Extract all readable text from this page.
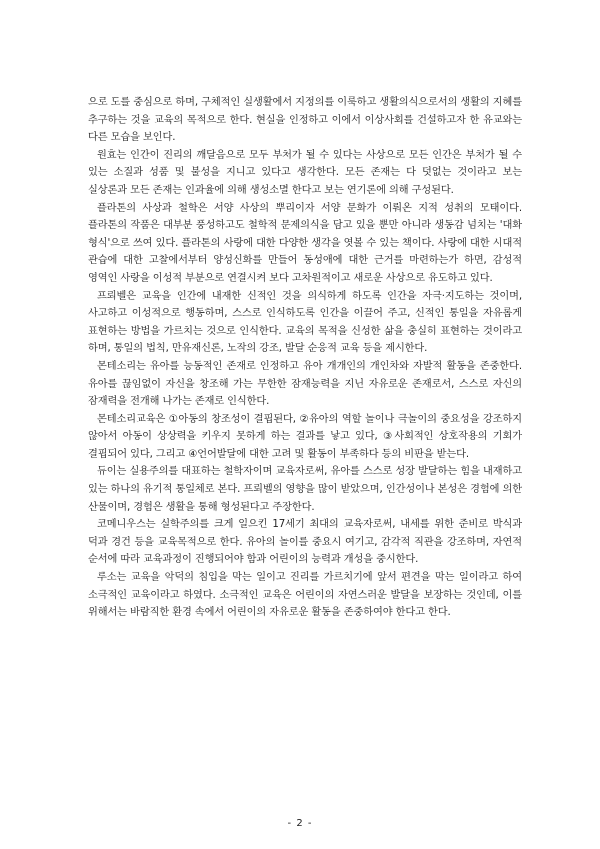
으로 도를 중심으로 하며, 구체적인 실생활에서 지정의를 이룩하고 생활의식으로서의 생활의 지혜를 추구하는 것을 교육의 목적으로 한다. 현실을 인정하고 이에서 이상사회를 건설하고자 한 유교와는 다른 모습을 보인다.

원효는 인간이 진리의 깨달음으로 모두 부처가 될 수 있다는 사상으로 모든 인간은 부처가 될 수 있는 소질과 성품 및 불성을 지니고 있다고 생각한다. 모든 존재는 다 덧없는 것이라고 보는 실상론과 모든 존재는 인과율에 의해 생성소멸 한다고 보는 연기론에 의해 구성된다.

플라톤의 사상과 철학은 서양 사상의 뿌리이자 서양 문화가 이뤄온 지적 성취의 모태이다. 플라톤의 작품은 대부분 풍성하고도 철학적 문제의식을 담고 있을 뿐만 아니라 생동감 넘치는 '대화 형식'으로 쓰여 있다. 플라톤의 사랑에 대한 다양한 생각을 엿볼 수 있는 책이다. 사랑에 대한 시대적 관습에 대한 고찰에서부터 양성신화를 만들어 동성애에 대한 근거를 마련하는가 하면, 감성적 영역인 사랑을 이성적 부분으로 연결시켜 보다 고차원적이고 새로운 사상으로 유도하고 있다.

프뢰벨은 교육을 인간에 내재한 신적인 것을 의식하게 하도록 인간을 자극·지도하는 것이며, 사고하고 이성적으로 행동하며, 스스로 인식하도록 인간을 이끌어 주고, 신적인 통일을 자유롭게 표현하는 방법을 가르치는 것으로 인식한다. 교육의 목적을 신성한 삶을 충실히 표현하는 것이라고 하며, 통일의 법칙, 만유재신론, 노작의 강조, 발달 순응적 교육 등을 제시한다.

몬테소리는 유아를 능동적인 존재로 인정하고 유아 개개인의 개인차와 자발적 활동을 존중한다. 유아를 끊임없이 자신을 창조해 가는 무한한 잠재능력을 지닌 자유로운 존재로서, 스스로 자신의 잠재력을 전개해 나가는 존재로 인식한다.

몬테소리교육은 ①아동의 창조성이 결핍된다, ②유아의 역할 놀이나 극놀이의 중요성을 강조하지 않아서 아동이 상상력을 키우지 못하게 하는 결과를 낳고 있다, ③사회적인 상호작용의 기회가 결핍되어 있다, 그리고 ④언어발달에 대한 고려 및 활동이 부족하다 등의 비판을 받는다.

듀이는 실용주의를 대표하는 철학자이며 교육자로써, 유아를 스스로 성장 발달하는 힘을 내재하고 있는 하나의 유기적 통일체로 본다. 프뢰벨의 영향을 많이 받았으며, 인간성이나 본성은 경험에 의한 산물이며, 경험은 생활을 통해 형성된다고 주장한다.

코메니우스는 실학주의를 크게 일으킨 17세기 최대의 교육자로써, 내세를 위한 준비로 박식과 덕과 경건 등을 교육목적으로 한다. 유아의 놀이를 중요시 여기고, 감각적 직관을 강조하며, 자연적 순서에 따라 교육과정이 진행되어야 함과 어린이의 능력과 개성을 중시한다.

루소는 교육을 악덕의 침입을 막는 일이고 진리를 가르치기에 앞서 편견을 막는 일이라고 하여 소극적인 교육이라고 하였다. 소극적인 교육은 어린이의 자연스러운 발달을 보장하는 것인데, 이를 위해서는 바람직한 환경 속에서 어린이의 자유로운 활동을 존중하여야 한다고 한다.

- 2 -
